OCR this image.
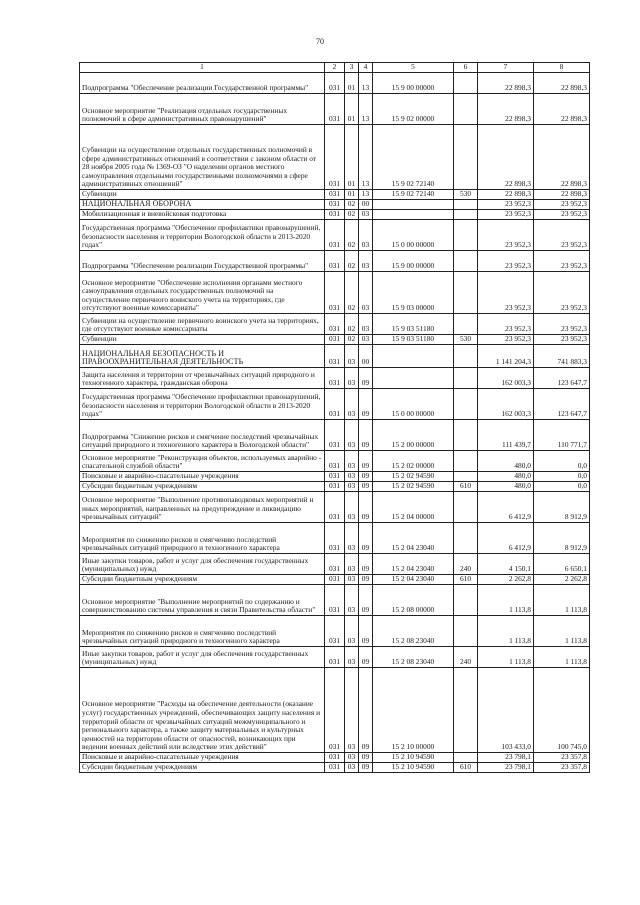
70
1	2	3	4	5	6	7	8
Подпрограмма "Обеспечение реализации Государственной программы"	031	01	13	15 9 00 00000		22 898,3	22 898,3
Основное мероприятие "Реализация отдельных государственных полномочий в сфере административных правонарушений"	031	01	13	15 9 02 00000		22 898,3	22 898,3
Субвенции на осуществление отдельных государственных полномочий в сфере административных отношений в соответствии с законом области от 28 ноября 2005 года № 1369-ОЗ "О наделении органов местного самоуправления отдельными государственными полномочиями в сфере административных отношений"	031	01	13	15 9 02 72140		22 898,3	22 898,3
Субвенции	031	01	13	15 9 02 72140	530	22 898,3	22 898,3
НАЦИОНАЛЬНАЯ ОБОРОНА	031	02	00			23 952,3	23 952,3
Мобилизационная и вневойсковая подготовка	031	02	03			23 952,3	23 952,3
Государственная программа "Обеспечение профилактики правонарушений, безопасности населения и территории Вологодской области в 2013-2020 годах"	031	02	03	15 0 00 00000		23 952,3	23 952,3
Подпрограмма "Обеспечение реализации Государственной программы"	031	02	03	15 9 00 00000		23 952,3	23 952,3
Основное мероприятие "Обеспечение исполнения органами местного самоуправления отдельных государственных полномочий на осуществление первичного воинского учета на территориях, где отсутствуют военные комиссариаты"	031	02	03	15 9 03 00000		23 952,3	23 952,3
Субвенции на осуществление первичного воинского учета на территориях, где отсутствуют военные комиссариаты	031	02	03	15 9 03 51180		23 952,3	23 952,3
Субвенции	031	02	03	15 9 03 51180	530	23 952,3	23 952,3
НАЦИОНАЛЬНАЯ БЕЗОПАСНОСТЬ И ПРАВООХРАНИТЕЛЬНАЯ ДЕЯТЕЛЬНОСТЬ	031	03	00			1 141 204,3	741 883,3
Защита населения и территории от чрезвычайных ситуаций природного и техногенного характера, гражданская оборона	031	03	09			162 003,3	123 647,7
Государственная программа "Обеспечение профилактики правонарушений, безопасности населения и территории Вологодской области в 2013-2020 годах"	031	03	09	15 0 00 00000		162 003,3	123 647,7
Подпрограмма "Снижение рисков и смягчение последствий чрезвычайных ситуаций природного и техногенного характера в Вологодской области"	031	03	09	15 2 00 00000		111 439,7	110 771,7
Основное мероприятие "Реконструкция объектов, используемых аварийно - спасательной службой области"	031	03	09	15 2 02 00000		480,0	0,0
Поисковые и аварийно-спасательные учреждения	031	03	09	15 2 02 94590		480,0	0,0
Субсидии бюджетным учреждениям	031	03	09	15 2 02 94590	610	480,0	0,0
Основное мероприятие "Выполнение противопаводковых мероприятий и иных мероприятий, направленных на предупреждение и ликвидацию чрезвычайных ситуаций"	031	03	09	15 2 04 00000		6 412,9	8 912,9
Мероприятия по снижению рисков и смягчению последствий чрезвычайных ситуаций природного и техногенного характера	031	03	09	15 2 04 23040		6 412,9	8 912,9
Иные закупки товаров, работ и услуг для обеспечения государственных (муниципальных) нужд	031	03	09	15 2 04 23040	240	4 150,1	6 650,1
Субсидии бюджетным учреждениям	031	03	09	15 2 04 23040	610	2 262,8	2 262,8
Основное мероприятие "Выполнение мероприятий по содержанию и совершенствованию системы управления и связи Правительства области"	031	03	09	15 2 08 00000		1 113,8	1 113,8
Мероприятия по снижению рисков и смягчению последствий чрезвычайных ситуаций природного и техногенного характера	031	03	09	15 2 08 23040		1 113,8	1 113,8
Иные закупки товаров, работ и услуг для обеспечения государственных (муниципальных) нужд	031	03	09	15 2 08 23040	240	1 113,8	1 113,8
Основное мероприятие "Расходы на обеспечение деятельности (оказание услуг) государственных учреждений, обеспечивающих защиту населения и территорий области от чрезвычайных ситуаций межмуниципального и регионального характера, а также защиту материальных и культурных ценностей на территории области от опасностей, возникающих при ведении военных действий или вследствие этих действий"	031	03	09	15 2 10 00000		103 433,0	100 745,0
Поисковые и аварийно-спасательные учреждения	031	03	09	15 2 10 94590		23 798,1	23 357,8
Субсидии бюджетным учреждениям	031	03	09	15 2 10 94590	610	23 798,1	23 357,8
